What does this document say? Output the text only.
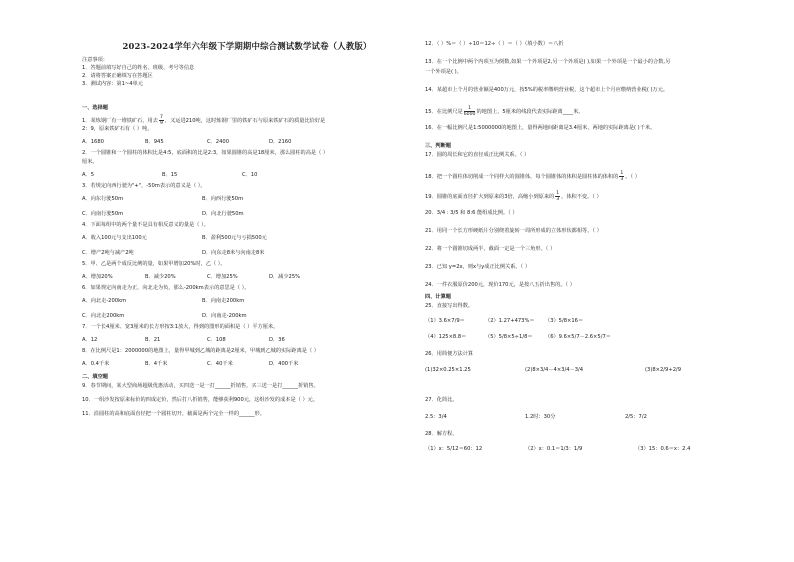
2023-2024学年六年级下学期期中综合测试数学试卷（人教版）
注意事项：
1．答题前填写好自己的姓名、班级、考号等信息
2．请将答案正确填写在答题区
3．测试内容：第1~4单元
一、选择题
1．某炼钢厂有一堆铁矿石，用去 $\frac{7}{9}$ ，又运进210吨，这时炼钢厂里的铁矿石与原来铁矿石的质量比恰好是
2：9，原来铁矿石有（ ）吨。
A．1680	B．945	C．2400	D．2160
2．一个圆锥和一个圆柱的体积比是4:5，底面积的比是2:3，如果圆锥的高是18厘米，那么圆柱的高是（ ）
厘米。
A．5	B．15	C．10
3．若规定向西行驶为"+"，-50m表示的意义是（ ）。
A．向东行驶50m	B．向西行驶50m
C．向南行驶50m	D．向北行驶50m
4．下面每组中的两个量不是具有相反意义的量是（ ）。
A．收入100元与支出100元	B．盈利500元与亏损500元
C．增产2吨与减产2吨	D．向东走8米与向南走8米
5．甲、乙是两个成反比例的量，如果甲增加20%时，乙（ ）。
A．增加20%	B．减少20%	C．增加25%	D．减少25%
6．如果规定向南走为正，向北走为负，那么-200km表示的意思是（ ）。
A．向北走-200km	B．向南走200km
C．向北走200km	D．向南走-200km
7．一个长4厘米、宽3厘米的长方形按3:1放大，得到的图形的面积是（ ）平方厘米。
A．12	B．21	C．108	D．36
8．在比例尺是1：2000000的地图上，量得甲城到乙城的距离是2厘米，甲城到乙城的实际距离是（ ）
A．0.4千米	B．4千米	C．40千米	D．400千米
二、填空题
9．春节期间，某大型商场超级优惠活动，买四送一是一打______折销售，买三送一是打______折销售。
10．一组沙发按原来标价的四成定价，然后打八折销售，能够获利900元，这组沙发的成本是（ ）元。
11．沿圆柱的高和底面直径把一个圆柱切开，截面是两个完全一样的______形。
12．（ ）%＝（ ）÷10＝12÷（ ）＝（ ）（填小数）＝八折
13．在一个比例中两个内项互为倒数,如果一个外项是2,另一个外项是( ),如果一个外项是一个最小的合数,另
一个外项是( )。
14．某超市上个月的营业额是400万元，按5%的税率缴纳营业税，这个超市上个月应缴纳营业税( )万元。
15．在比例尺是 $\frac{1}{6000}$ 的地图上，5厘米的线段代表实际距离____米。
16．在一幅比例尺是1:5000000的地图上，量得两地间距离是3.4厘米，两地的实际距离是( )千米。
三、判断题
17．圆的周长和它的直径成正比例关系。（ ）
18．把一个圆柱体切削成一个同样大的圆锥体，每个圆锥体的体积是圆柱体的体积的 $\frac{1}{3}$ 。（ ）
19．圆锥的底面直径扩大到原来的3倍，高缩小到原来的 $\frac{1}{3}$ ，体积不变。（ ）
20．3/4 : 3/5 和 8:6 能组成比例。（ ）
21．用同一个长方形硬纸片分别绕着旋转一周所形成的立体形状都相等。（ ）
22．将一个圆锥切成两半，截面一定是一个三角形。（ ）
23．已知 y=2x，则x与y成正比例关系。（ ）
24．一件衣服原价200元，现价170元，是按八五折出售的。（ ）
四、计算题
25．直接写出得数。
（1）3.6×7/9＝	（2）1.27+473%＝	（3）5/8×16＝
（4）125×8.8＝	（5）5/8×5÷1/8＝	（6）9.6×5/7－2.6×5/7＝
26．用简便方法计算
(1)32×0.25×1.25	(2)8×3/4－4×3/4－3/4	(3)8×2/9+2/9
27．化简比。
2.5：3/4	1.2时：30分	2/5：7/2
28．解方程。
（1）x：5/12＝60：12	（2）x：0.1＝1/3：1/9	（3）15：0.6＝x：2.4
